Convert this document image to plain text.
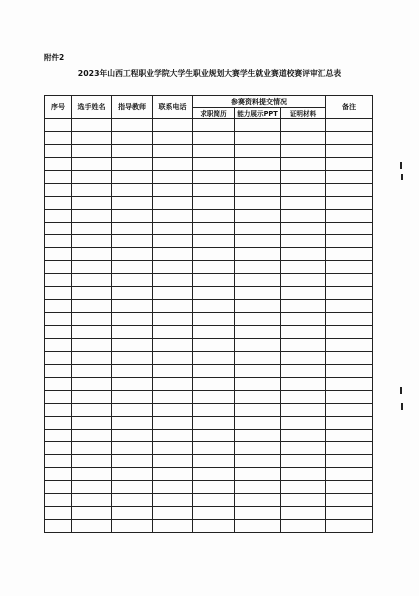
附件2
2023年山西工程职业学院大学生职业规划大赛学生就业赛道校赛评审汇总表
序号	选手姓名	指导教师	联系电话	参赛资料提交情况			备注
				求职简历	能力展示PPT	证明材料	
